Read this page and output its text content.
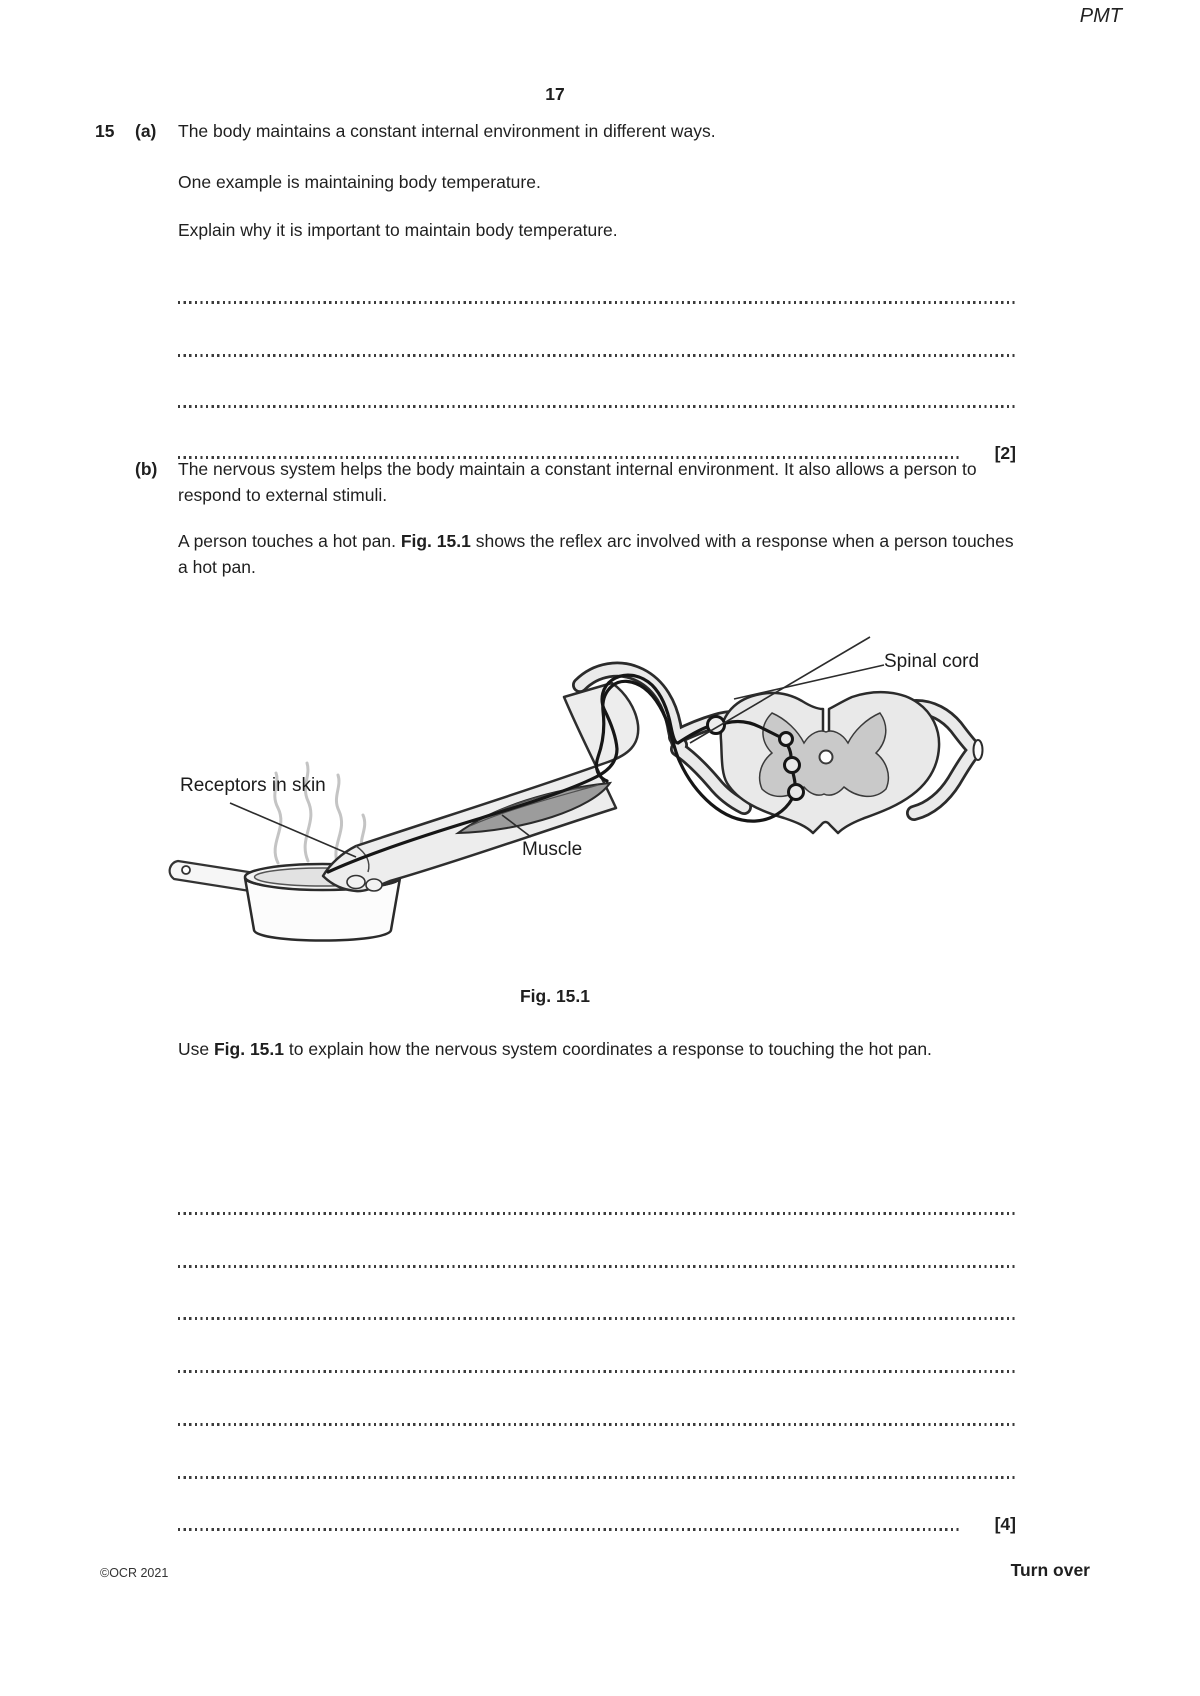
PMT
17
15	(a)	The body maintains a constant internal environment in different ways.
One example is maintaining body temperature.
Explain why it is important to maintain body temperature.
[2]
(b)	The nervous system helps the body maintain a constant internal environment. It also allows a person to respond to external stimuli.
A person touches a hot pan. Fig. 15.1 shows the reflex arc involved with a response when a person touches a hot pan.
Spinal cord
Receptors in skin
Muscle
Fig. 15.1
Use Fig. 15.1 to explain how the nervous system coordinates a response to touching the hot pan.
[4]
©OCR 2021	Turn over
